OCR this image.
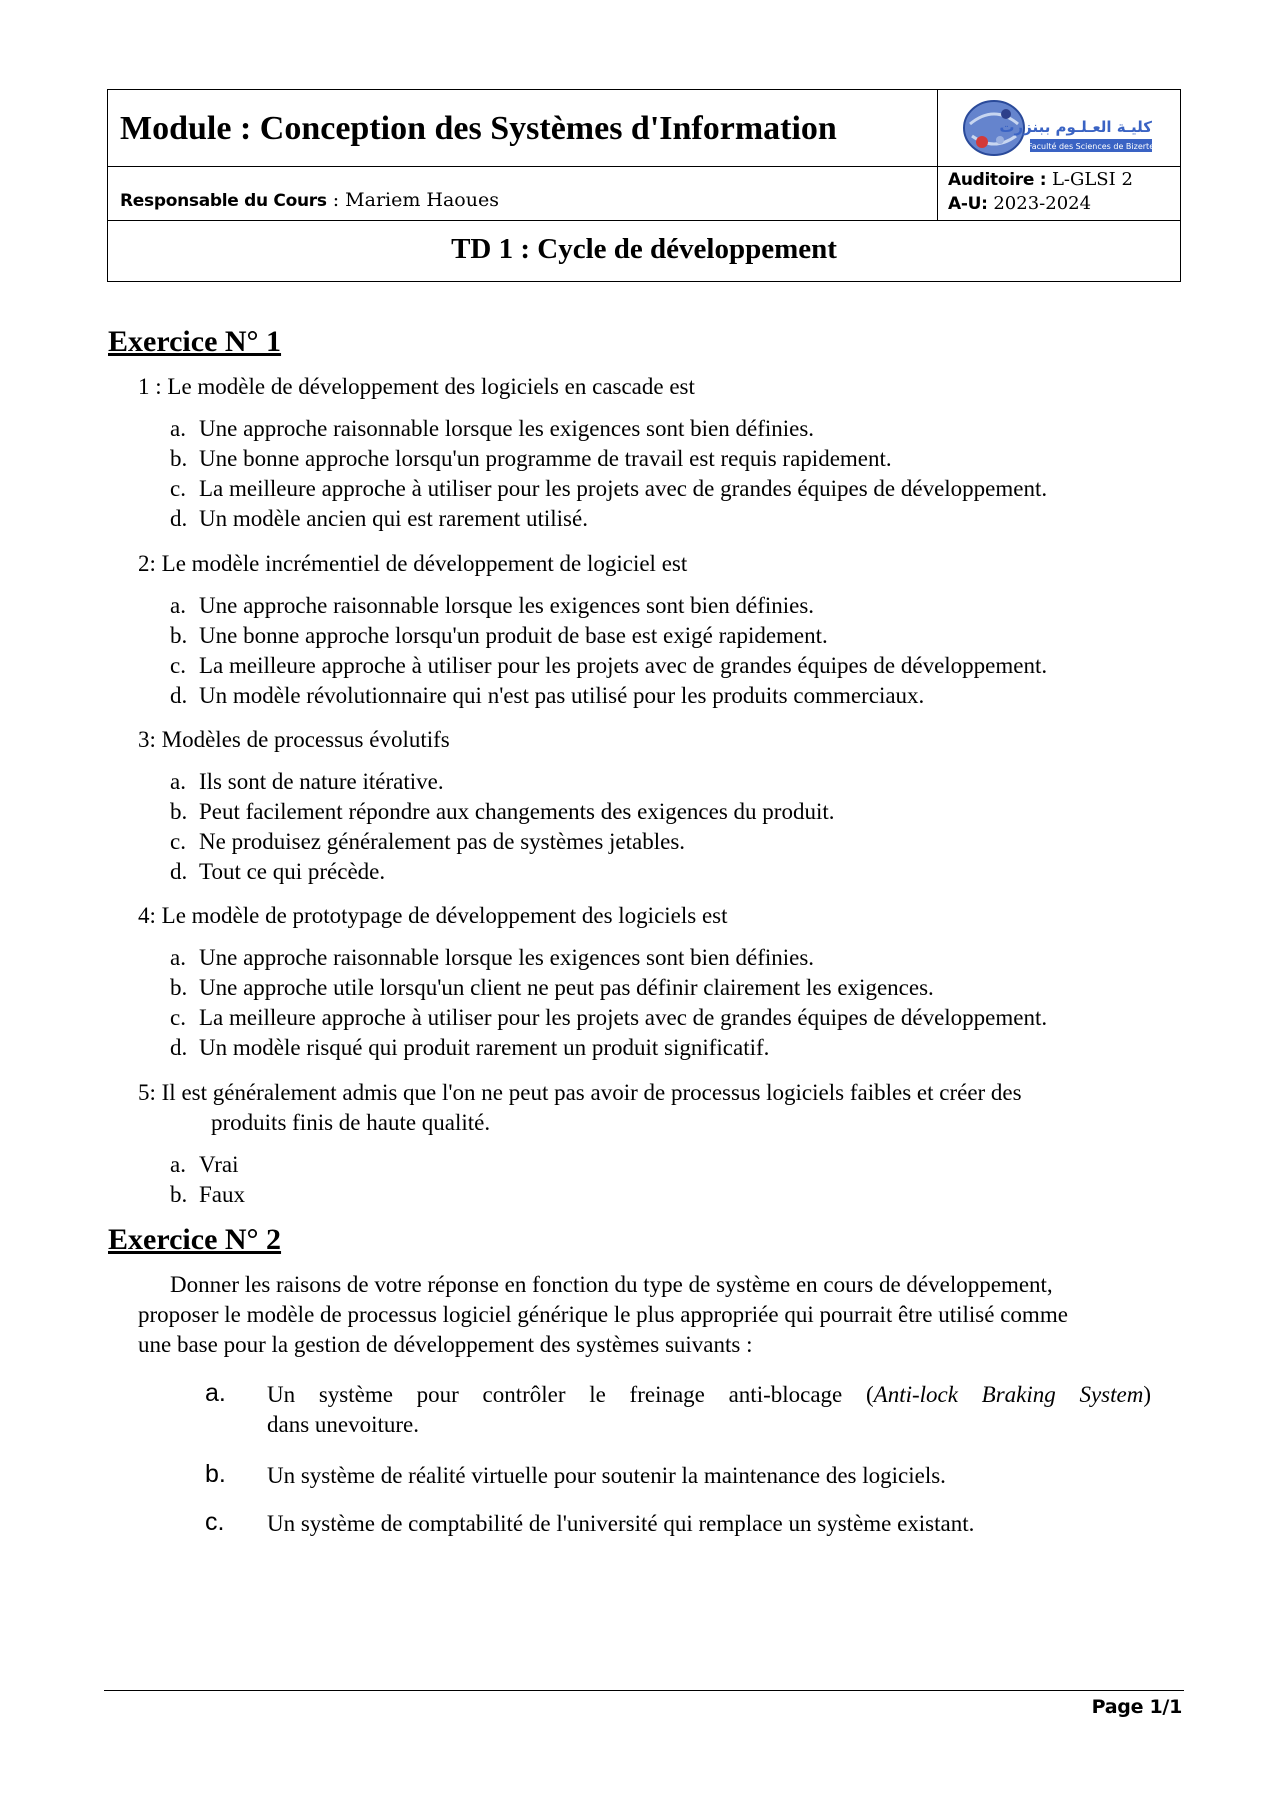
Module : Conception des Systèmes d'Information	كليـة العـلـوم ببنزرت
Faculté des Sciences de Bizerte
Responsable du Cours : Mariem Haoues
Auditoire : L-GLSI 2
A-U: 2023-2024
TD 1 : Cycle de développement
Exercice N° 1
1 : Le modèle de développement des logiciels en cascade est
a. Une approche raisonnable lorsque les exigences sont bien définies.
b. Une bonne approche lorsqu'un programme de travail est requis rapidement.
c. La meilleure approche à utiliser pour les projets avec de grandes équipes de développement.
d. Un modèle ancien qui est rarement utilisé.
2: Le modèle incrémentiel de développement de logiciel est
a. Une approche raisonnable lorsque les exigences sont bien définies.
b. Une bonne approche lorsqu'un produit de base est exigé rapidement.
c. La meilleure approche à utiliser pour les projets avec de grandes équipes de développement.
d. Un modèle révolutionnaire qui n'est pas utilisé pour les produits commerciaux.
3: Modèles de processus évolutifs
a. Ils sont de nature itérative.
b. Peut facilement répondre aux changements des exigences du produit.
c. Ne produisez généralement pas de systèmes jetables.
d. Tout ce qui précède.
4: Le modèle de prototypage de développement des logiciels est
a. Une approche raisonnable lorsque les exigences sont bien définies.
b. Une approche utile lorsqu'un client ne peut pas définir clairement les exigences.
c. La meilleure approche à utiliser pour les projets avec de grandes équipes de développement.
d. Un modèle risqué qui produit rarement un produit significatif.
5: Il est généralement admis que l'on ne peut pas avoir de processus logiciels faibles et créer des
produits finis de haute qualité.
a. Vrai
b. Faux
Exercice N° 2
Donner les raisons de votre réponse en fonction du type de système en cours de développement,
proposer le modèle de processus logiciel générique le plus appropriée qui pourrait être utilisé comme
une base pour la gestion de développement des systèmes suivants :
a. Un système pour contrôler le freinage anti-blocage (Anti-lock Braking System)
dans unevoiture.
b. Un système de réalité virtuelle pour soutenir la maintenance des logiciels.
c. Un système de comptabilité de l'université qui remplace un système existant.
Page 1/1
